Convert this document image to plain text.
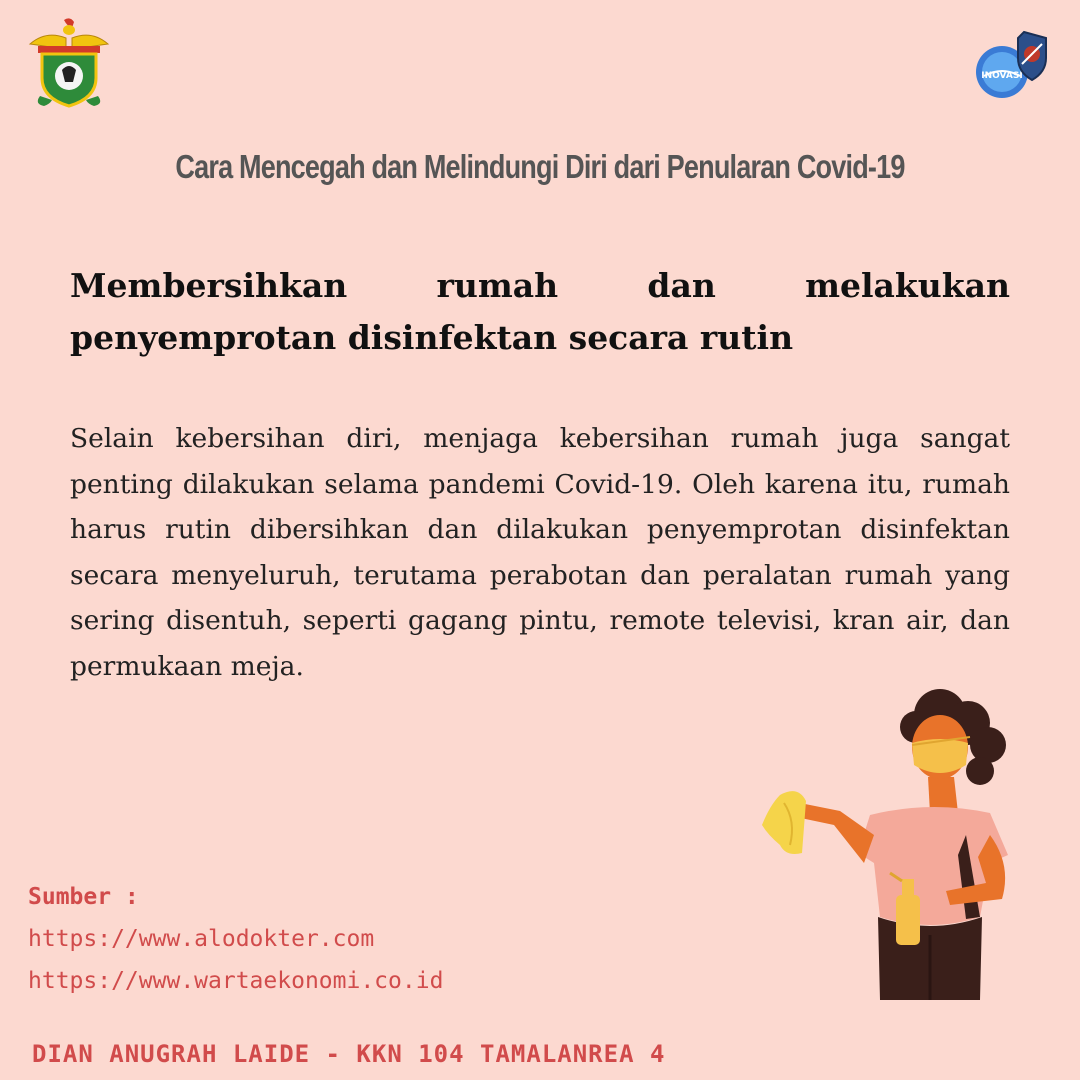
INOVASI
Cara Mencegah dan Melindungi Diri dari Penularan Covid-19
Membersihkan rumah dan melakukan penyemprotan disinfektan secara rutin
Selain kebersihan diri, menjaga kebersihan rumah juga sangat penting dilakukan selama pandemi Covid-19. Oleh karena itu, rumah harus rutin dibersihkan dan dilakukan penyemprotan disinfektan secara menyeluruh, terutama perabotan dan peralatan rumah yang sering disentuh, seperti gagang pintu, remote televisi, kran air, dan permukaan meja.
Sumber :
https://www.alodokter.com
https://www.wartaekonomi.co.id
DIAN ANUGRAH LAIDE - KKN 104 TAMALANREA 4
